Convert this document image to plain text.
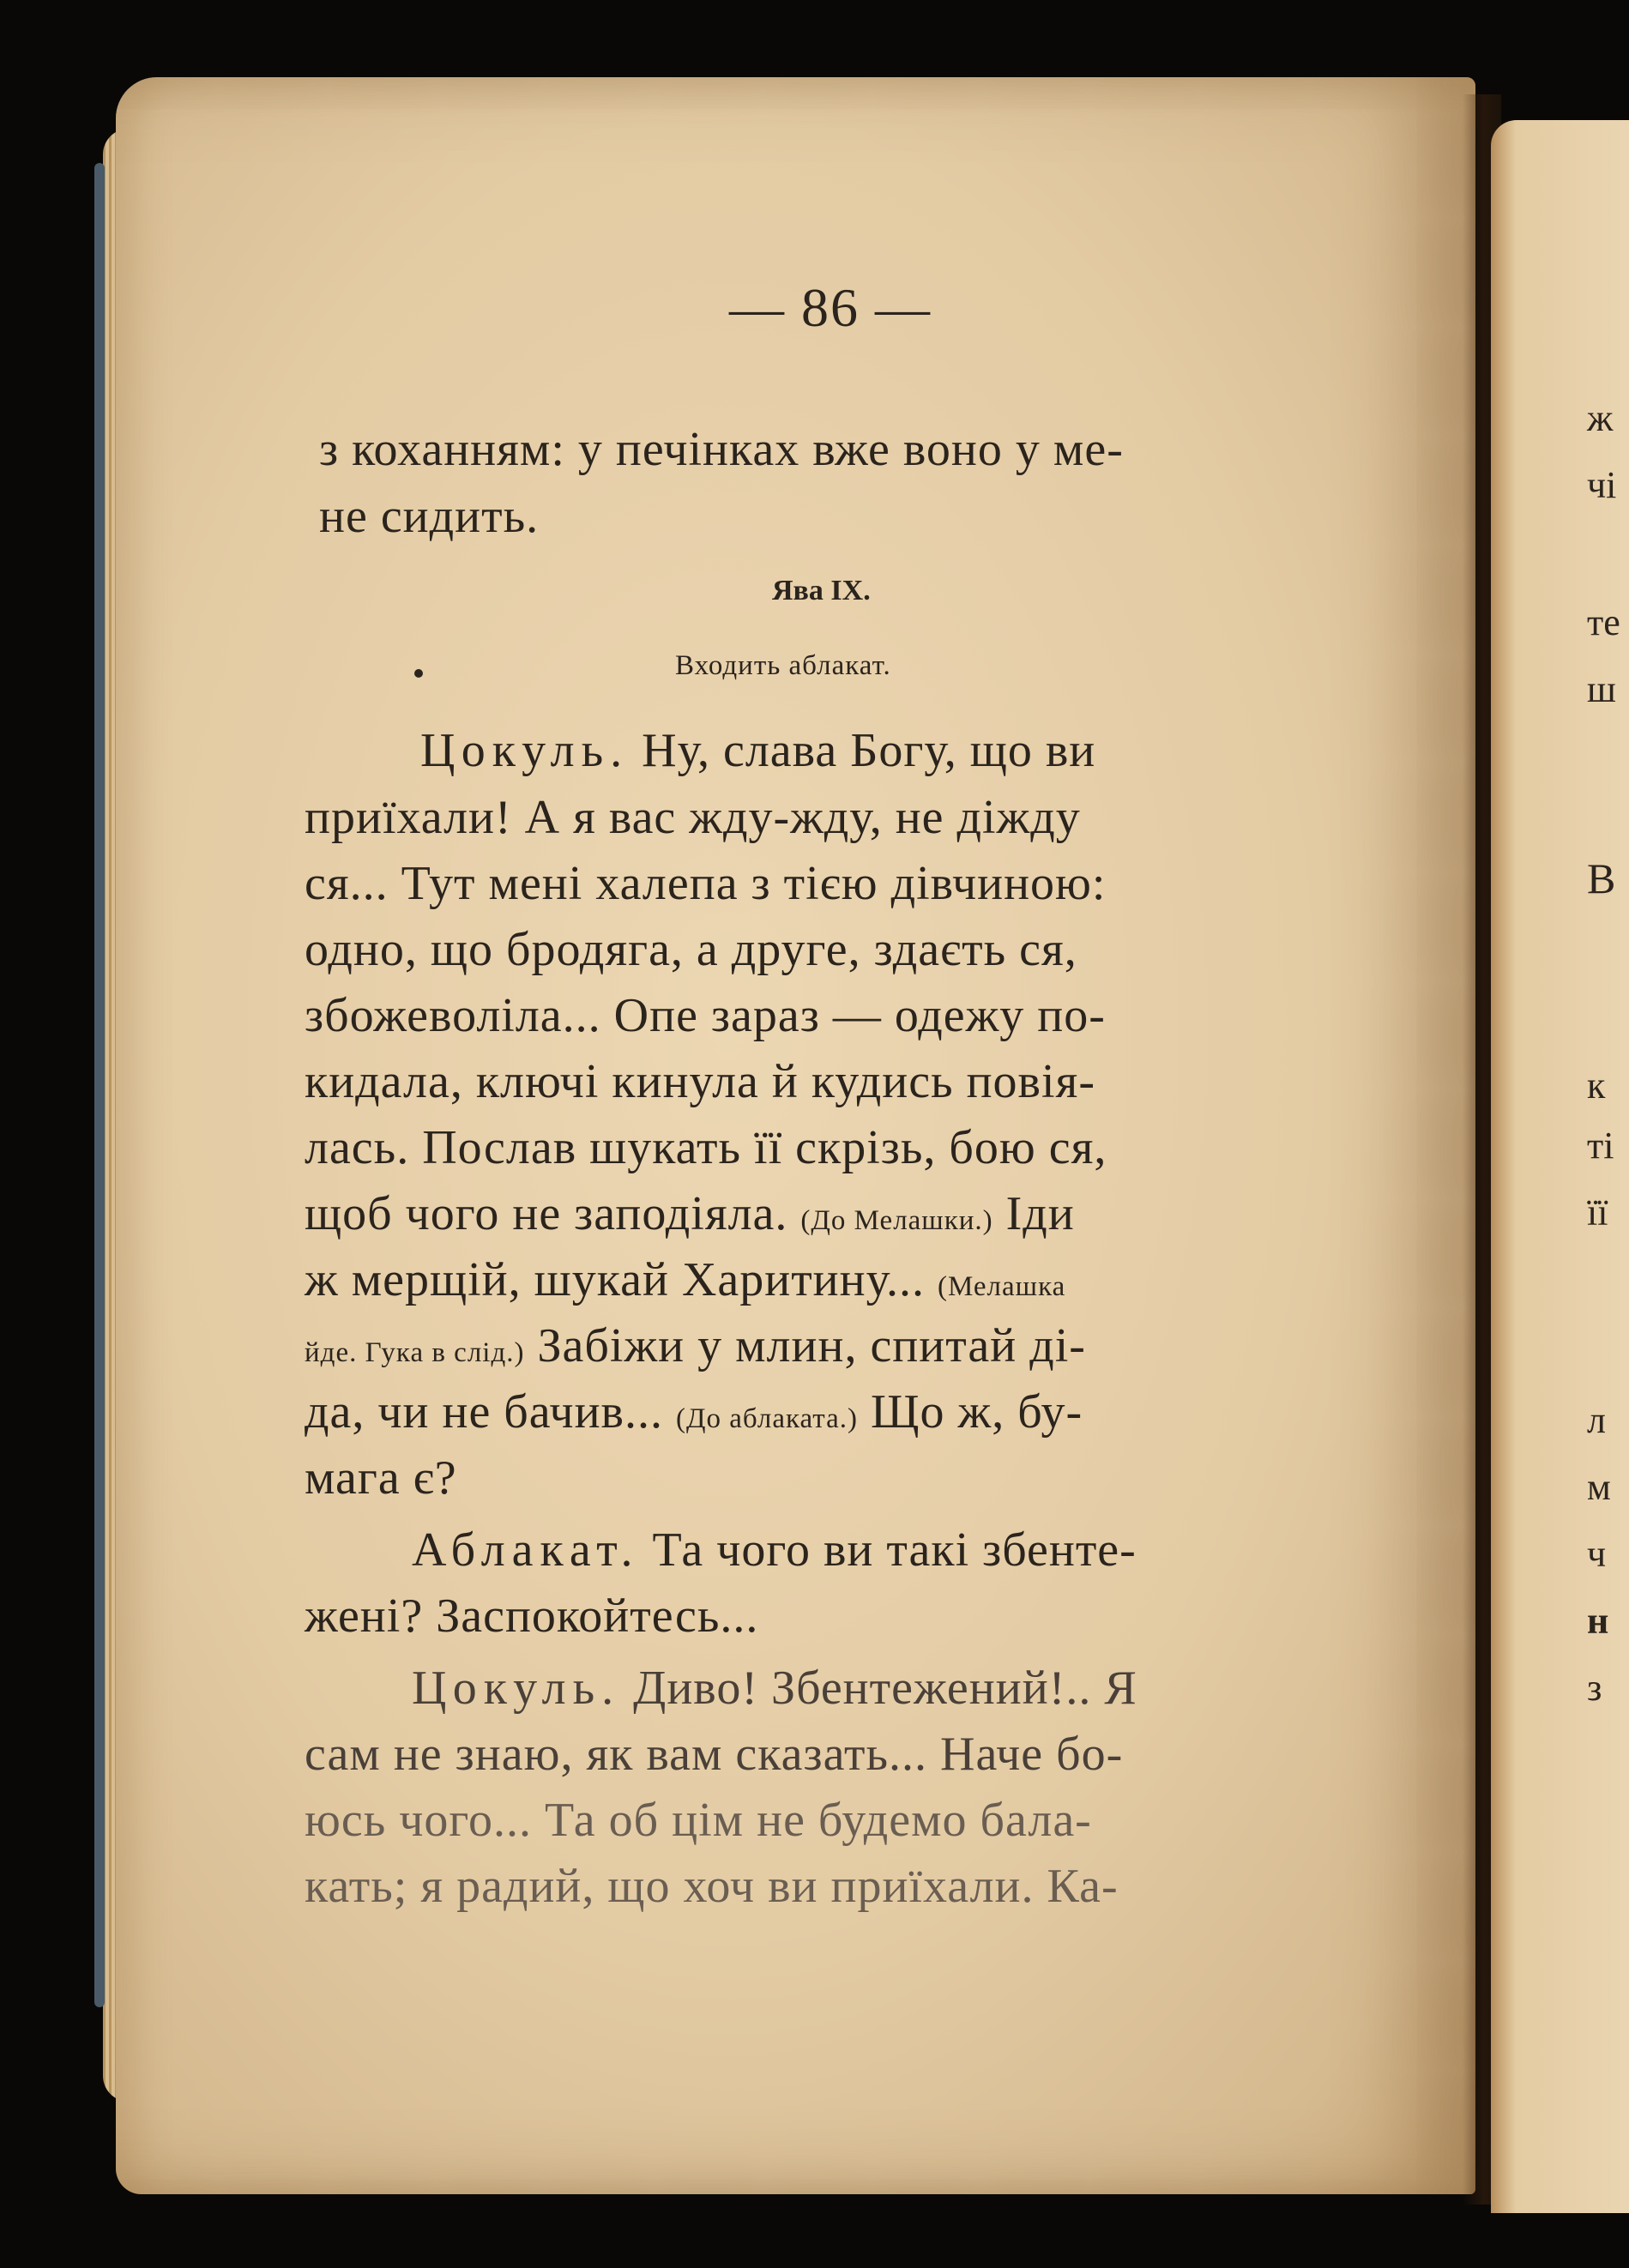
— 86 —
з коханням: у печінках вже воно у ме-
не сидить.
Ява IX.
Входить аблакат.
Цокуль. Ну, слава Богу, що ви
приїхали! А я вас жду-жду, не діжду
ся... Тут мені халепа з тією дівчиною:
одно, що бродяга, а друге, здаєть ся,
збожеволіла... Опе зараз — одежу по-
кидала, ключі кинула й кудись повія-
лась. Послав шукать її скрізь, бою ся,
щоб чого не заподіяла. (До Мелашки.) Іди
ж мерщій, шукай Харитину... (Мелашка
йде. Гука в слід.) Забіжи у млин, спитай ді-
да, чи не бачив... (До аблаката.) Що ж, бу-
мага є?
Аблакат. Та чого ви такі збенте-
жені? Заспокойтесь...
Цокуль. Диво! Збентежений!.. Я
сам не знаю, як вам сказать... Наче бо-
юсь чого... Та об цім не будемо бала-
кать; я радий, що хоч ви приїхали. Ка-
ж
чі
те
ш
В
к
ті
її
л
м
ч
н
з
